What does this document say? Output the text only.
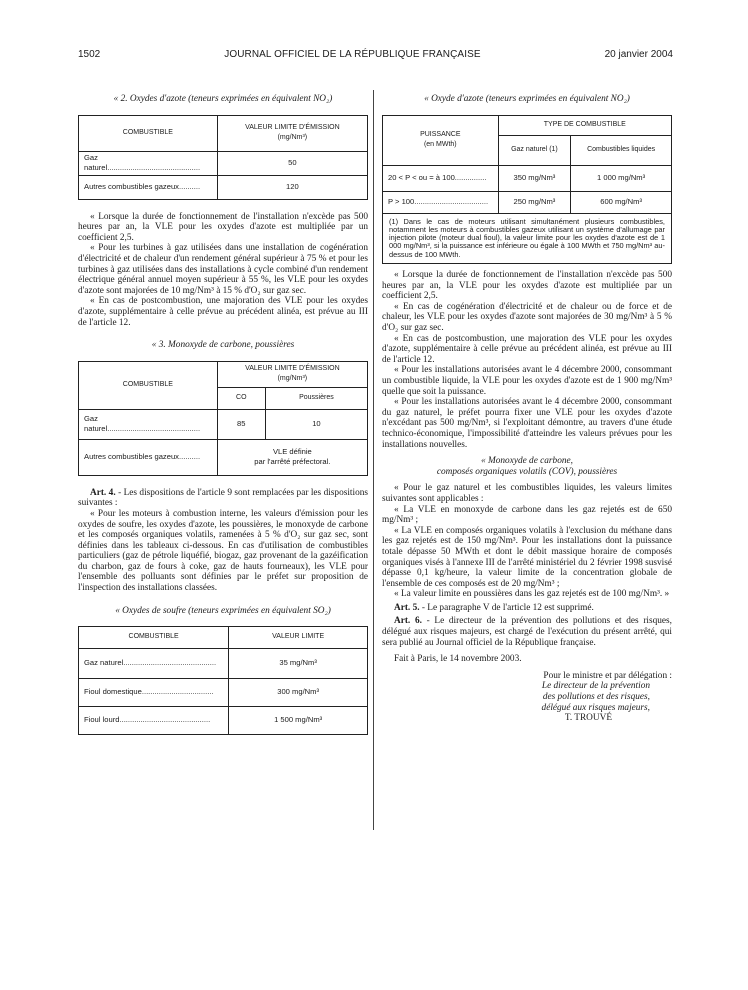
1502	JOURNAL OFFICIEL DE LA RÉPUBLIQUE FRANÇAISE	20 janvier 2004
« 2. Oxydes d'azote (teneurs exprimées en équivalent NO₂)
COMBUSTIBLE	VALEUR LIMITE D'ÉMISSION
(mg/Nm³)

Gaz naturel............................................	50
Autres combustibles gazeux..........	120

« Lorsque la durée de fonctionnement de l'installation n'excède pas 500 heures par an, la VLE pour les oxydes d'azote est multipliée par un coefficient 2,5.

« Pour les turbines à gaz utilisées dans une installation de cogénération d'électricité et de chaleur d'un rendement général supérieur à 75 % et pour les turbines à gaz utilisées dans des installations à cycle combiné d'un rendement électrique général annuel moyen supérieur à 55 %, les VLE pour les oxydes d'azote sont majorées de 10 mg/Nm³ à 15 % d'O₂ sur gaz sec.

« En cas de postcombustion, une majoration des VLE pour les oxydes d'azote, supplémentaire à celle prévue au précédent alinéa, est prévue au III de l'article 12.

« 3. Monoxyde de carbone, poussières
COMBUSTIBLE	VALEUR LIMITE D'ÉMISSION
(mg/Nm³)	

	CO	Poussières
Gaz naturel............................................	85	10
Autres combustibles gazeux..........	VLE définie
par l'arrêté préfectoral.	

Art. 4. - Les dispositions de l'article 9 sont remplacées par les dispositions suivantes :

« Pour les moteurs à combustion interne, les valeurs d'émission pour les oxydes de soufre, les oxydes d'azote, les poussières, le monoxyde de carbone et les composés organiques volatils, ramenées à 5 % d'O₂ sur gaz sec, sont définies dans les tableaux ci-dessous. En cas d'utilisation de combustibles particuliers (gaz de pétrole liquéfié, biogaz, gaz provenant de la gazéification du charbon, gaz de fours à coke, gaz de hauts fourneaux), les VLE pour l'ensemble des polluants sont définies par le préfet sur proposition de l'inspection des installations classées.

« Oxydes de soufre (teneurs exprimées en équivalent SO₂)
COMBUSTIBLE	VALEUR LIMITE
Gaz naturel............................................	35 mg/Nm³
Fioul domestique..................................	300 mg/Nm³
Fioul lourd...........................................	1 500 mg/Nm³
« Oxyde d'azote (teneurs exprimées en équivalent NO₂)
PUISSANCE
(en MWth)	TYPE DE COMBUSTIBLE	
	Gaz naturel (1)	Combustibles liquides
20 < P < ou = à 100...............	350 mg/Nm³	1 000 mg/Nm³
P > 100...................................	250 mg/Nm³	600 mg/Nm³
(1) Dans le cas de moteurs utilisant simultanément plusieurs combustibles, notamment les moteurs à combustibles gazeux utilisant un système d'allumage par injection pilote (moteur dual fioul), la valeur limite pour les oxydes d'azote est de 1 000 mg/Nm³, si la puissance est inférieure ou égale à 100 MWth et 750 mg/Nm³ au-dessus de 100 MWth.		

« Lorsque la durée de fonctionnement de l'installation n'excède pas 500 heures par an, la VLE pour les oxydes d'azote est multipliée par un coefficient 2,5.

« En cas de cogénération d'électricité et de chaleur ou de force et de chaleur, les VLE pour les oxydes d'azote sont majorées de 30 mg/Nm³ à 5 % d'O₂ sur gaz sec.

« En cas de postcombustion, une majoration des VLE pour les oxydes d'azote, supplémentaire à celle prévue au précédent alinéa, est prévue au III de l'article 12.

« Pour les installations autorisées avant le 4 décembre 2000, consommant un combustible liquide, la VLE pour les oxydes d'azote est de 1 900 mg/Nm³ quelle que soit la puissance.

« Pour les installations autorisées avant le 4 décembre 2000, consommant du gaz naturel, le préfet pourra fixer une VLE pour les oxydes d'azote n'excédant pas 500 mg/Nm³, si l'exploitant démontre, au travers d'une étude technico-économique, l'impossibilité d'atteindre les valeurs prévues pour les installations nouvelles.

« Monoxyde de carbone,
composés organiques volatils (COV), poussières

« Pour le gaz naturel et les combustibles liquides, les valeurs limites suivantes sont applicables :

« La VLE en monoxyde de carbone dans les gaz rejetés est de 650 mg/Nm³ ;

« La VLE en composés organiques volatils à l'exclusion du méthane dans les gaz rejetés est de 150 mg/Nm³. Pour les installations dont la puissance totale dépasse 50 MWth et dont le débit massique horaire de composés organiques visés à l'annexe III de l'arrêté ministériel du 2 février 1998 susvisé dépasse 0,1 kg/heure, la valeur limite de la concentration globale de l'ensemble de ces composés est de 20 mg/Nm³ ;

« La valeur limite en poussières dans les gaz rejetés est de 100 mg/Nm³. »

Art. 5. - Le paragraphe V de l'article 12 est supprimé.

Art. 6. - Le directeur de la prévention des pollutions et des risques, délégué aux risques majeurs, est chargé de l'exécution du présent arrêté, qui sera publié au Journal officiel de la République française.

Fait à Paris, le 14 novembre 2003.

Pour le ministre et par délégation :
Le directeur de la prévention
des pollutions et des risques,
délégué aux risques majeurs,
T. TROUVÉ
